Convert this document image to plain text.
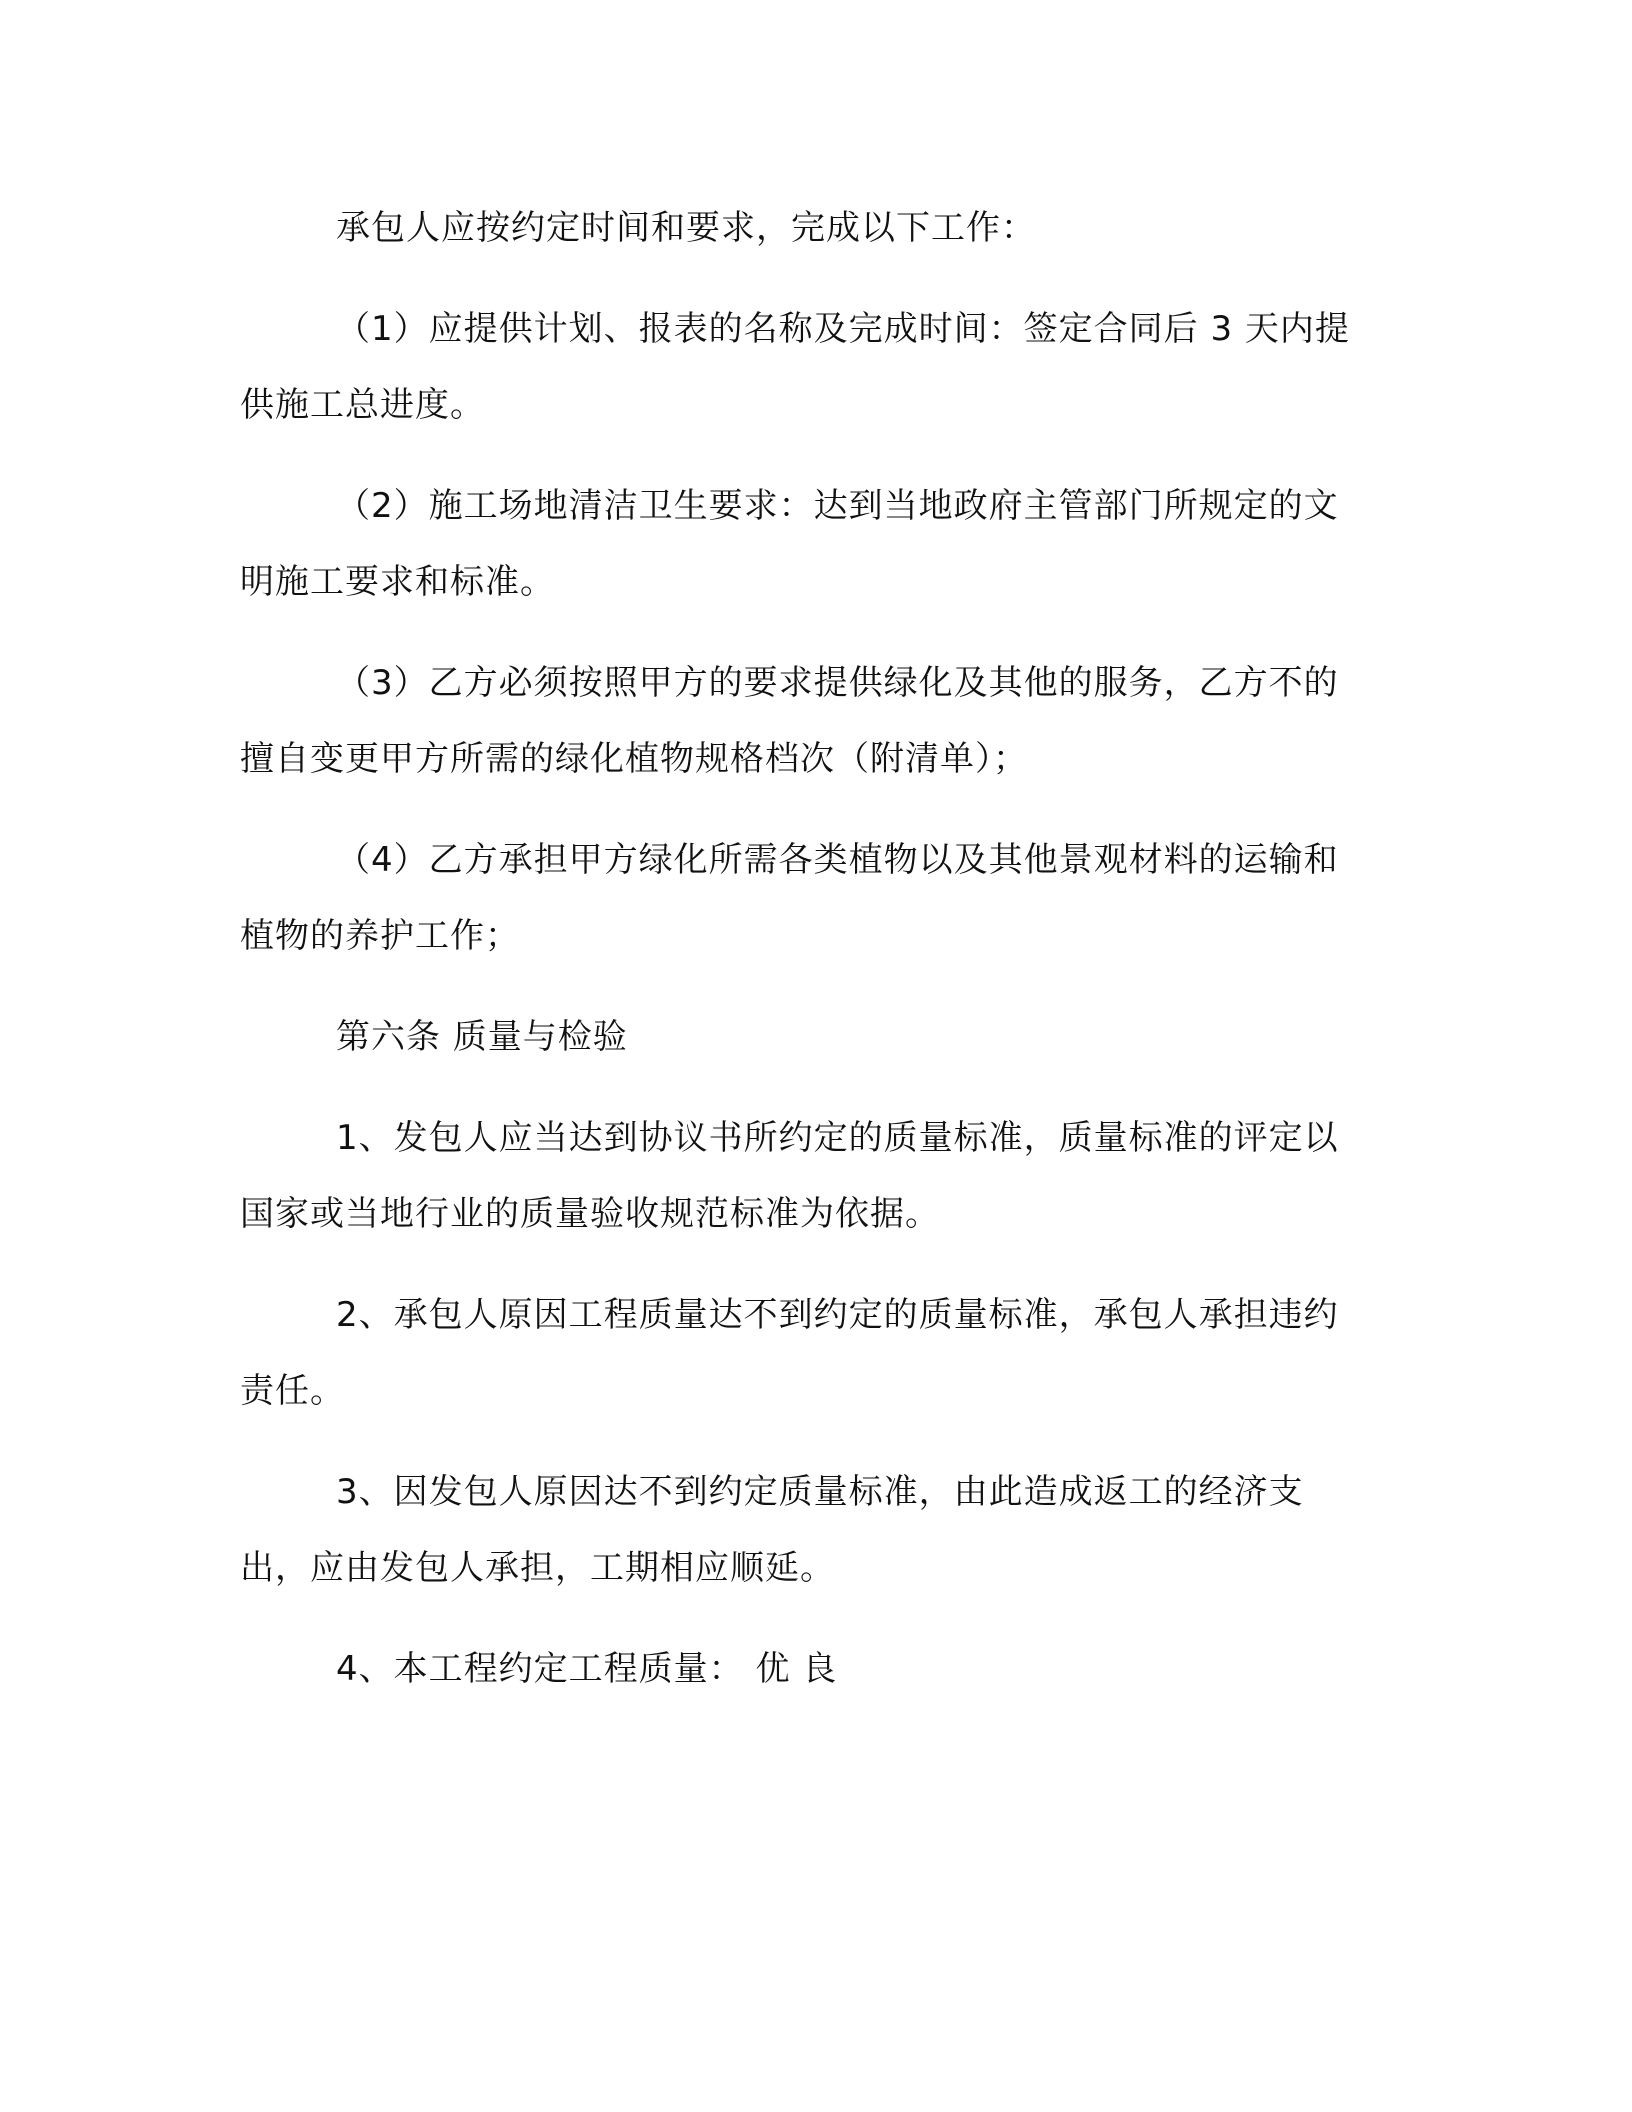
承包人应按约定时间和要求，完成以下工作：

（1）应提供计划、报表的名称及完成时间：签定合同后 3 天内提供施工总进度。

（2）施工场地清洁卫生要求：达到当地政府主管部门所规定的文明施工要求和标准。

（3）乙方必须按照甲方的要求提供绿化及其他的服务，乙方不的擅自变更甲方所需的绿化植物规格档次（附清单）；

（4）乙方承担甲方绿化所需各类植物以及其他景观材料的运输和植物的养护工作；

第六条 质量与检验

1、发包人应当达到协议书所约定的质量标准，质量标准的评定以国家或当地行业的质量验收规范标准为依据。

2、承包人原因工程质量达不到约定的质量标准，承包人承担违约责任。

3、因发包人原因达不到约定质量标准，由此造成返工的经济支出，应由发包人承担，工期相应顺延。

4、本工程约定工程质量： 优 良
